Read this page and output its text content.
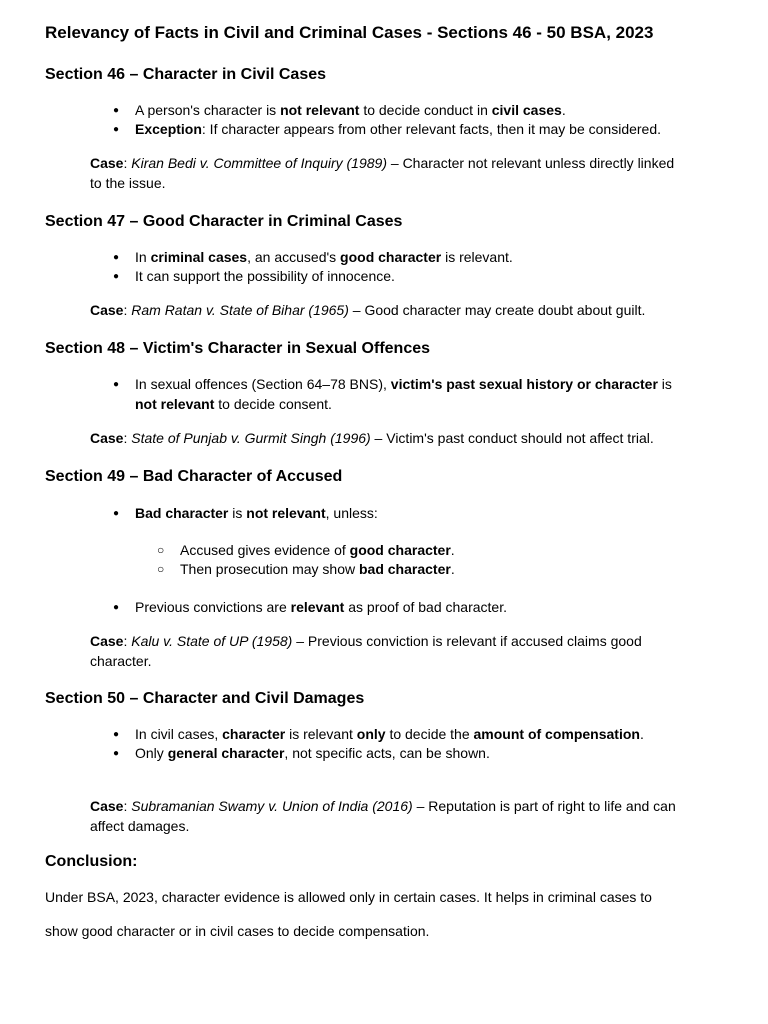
Relevancy of Facts in Civil and Criminal Cases - Sections 46 - 50 BSA, 2023
Section 46 – Character in Civil Cases

● A person's character is not relevant to decide conduct in civil cases.

● Exception: If character appears from other relevant facts, then it may be considered.

Case: Kiran Bedi v. Committee of Inquiry (1989) – Character not relevant unless directly linked to the issue.

Section 47 – Good Character in Criminal Cases

● In criminal cases, an accused's good character is relevant.

● It can support the possibility of innocence.

Case: Ram Ratan v. State of Bihar (1965) – Good character may create doubt about guilt.

Section 48 – Victim's Character in Sexual Offences

● In sexual offences (Section 64–78 BNS), victim's past sexual history or character is not relevant to decide consent.

Case: State of Punjab v. Gurmit Singh (1996) – Victim's past conduct should not affect trial.

Section 49 – Bad Character of Accused

● Bad character is not relevant, unless:

○ Accused gives evidence of good character.

○ Then prosecution may show bad character.

● Previous convictions are relevant as proof of bad character.

Case: Kalu v. State of UP (1958) – Previous conviction is relevant if accused claims good character.

Section 50 – Character and Civil Damages

● In civil cases, character is relevant only to decide the amount of compensation.

● Only general character, not specific acts, can be shown.

Case: Subramanian Swamy v. Union of India (2016) – Reputation is part of right to life and can affect damages.

Conclusion:

Under BSA, 2023, character evidence is allowed only in certain cases. It helps in criminal cases to

show good character or in civil cases to decide compensation.
